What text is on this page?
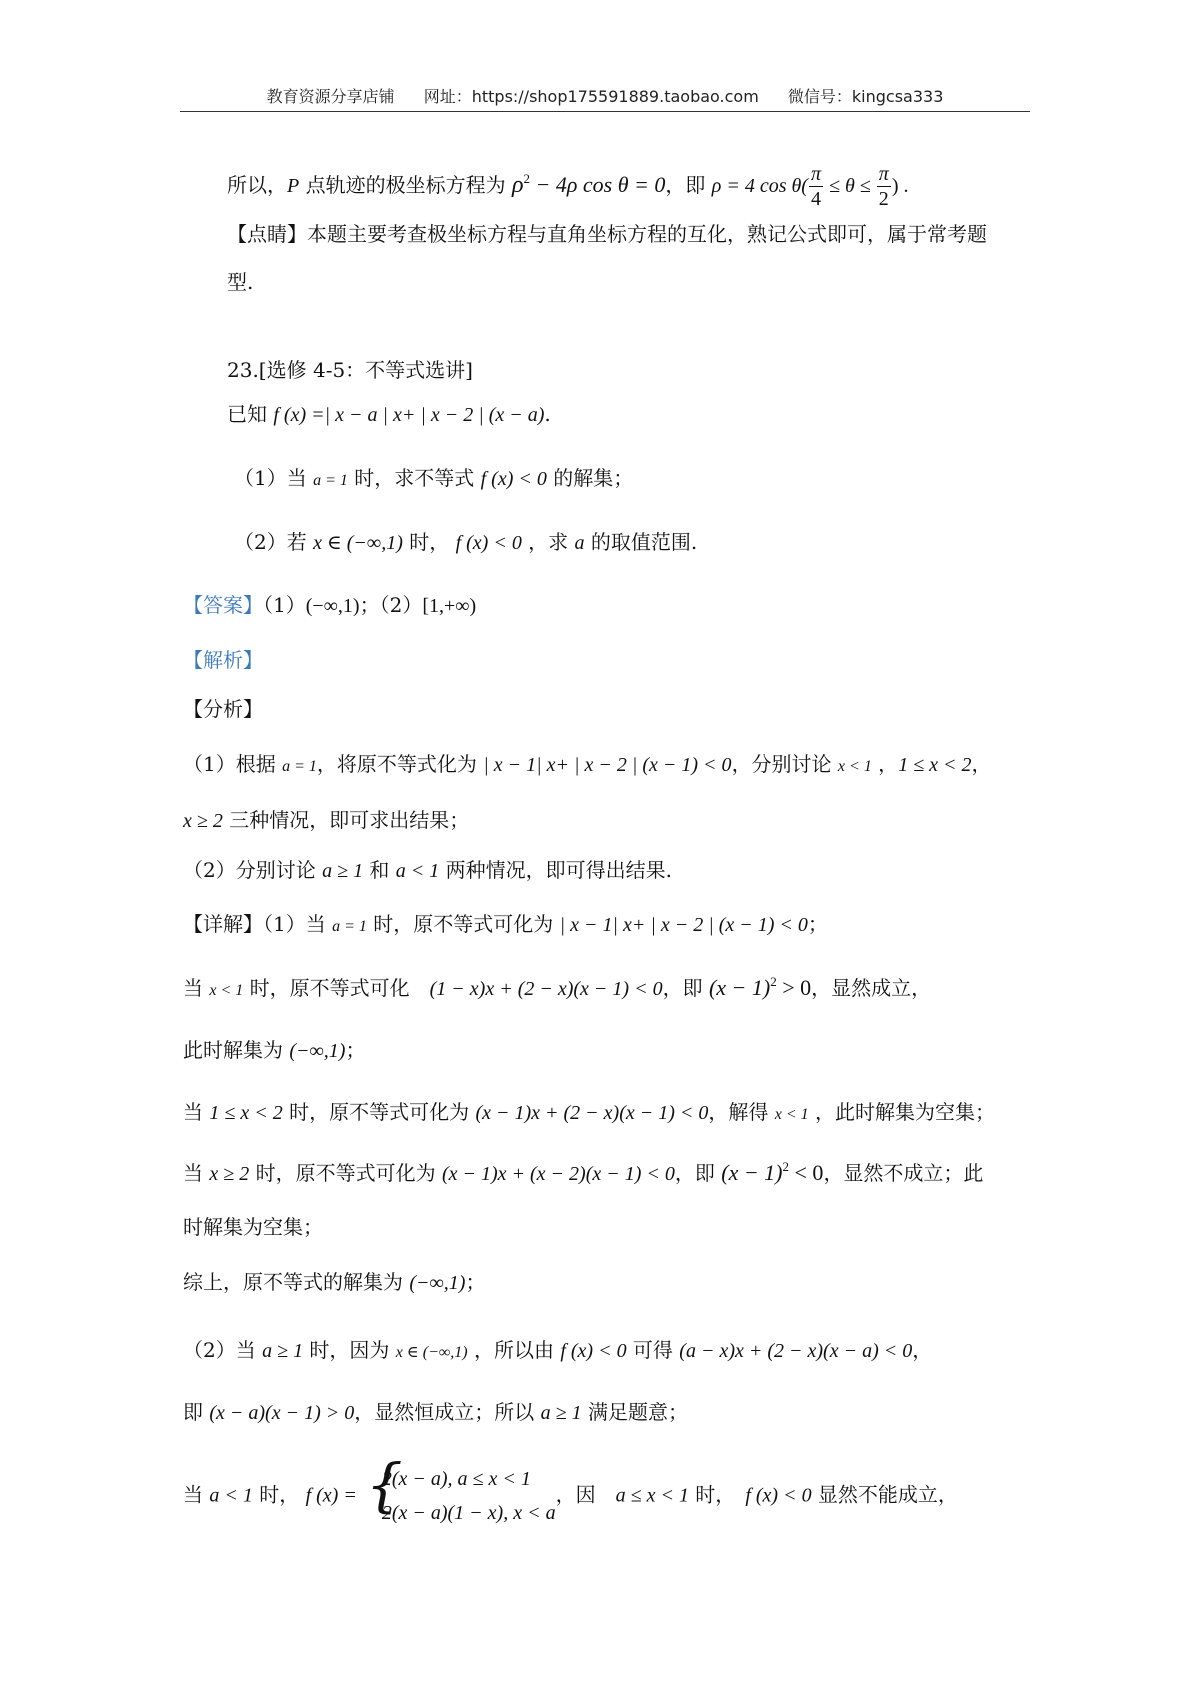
教育资源分享店铺 网址：https://shop175591889.taobao.com 微信号：kingcsa333
所以，P 点轨迹的极坐标方程为 $\rho^2 - 4\rho$ cos θ = 0，即 ρ = 4 $\cos \theta( \frac{\pi}{4} \le \theta \le \frac{\pi}{2}$ ) .
【点睛】本题主要考查极坐标方程与直角坐标方程的互化，熟记公式即可，属于常考题
型.
23.[选修 4-5：不等式选讲]
已知 f (x) =| x − a | x+ | x − 2 | (x − a).
（1）当 a = 1 时，求不等式 f (x) < 0 的解集；
（2）若 x ∈ (−∞,1) 时， f (x) < 0 ，求 a 的取值范围.
【答案】（1）(−∞,1)；（2）[1,+∞)
【解析】
【分析】
（1）根据 a = 1，将原不等式化为 | x − 1| x+ | x − 2 | (x − 1) < 0，分别讨论 x < 1 ，1 ≤ x < 2，
x ≥ 2 三种情况，即可求出结果；
（2）分别讨论 a ≥ 1 和 a < 1 两种情况，即可得出结果.
【详解】（1）当 a = 1 时，原不等式可化为 | x − 1| x+ | x − 2 | (x − 1) < 0；
当 x < 1 时，原不等式可化　(1 − x)x + (2 − x)(x − 1) < 0，即 $(x - 1)^2 > 0$，显然成立，
此时解集为 (−∞,1)；
当 1 ≤ x < 2 时，原不等式可化为 (x − 1)x + (2 − x)(x − 1) < 0，解得 x < 1 ，此时解集为空集；
当 x ≥ 2 时，原不等式可化为 (x − 1)x + (x − 2)(x − 1) < 0，即 $(x - 1)^2 < 0$，显然不成立；此
时解集为空集；
综上，原不等式的解集为 (−∞,1)；
（2）当 a ≥ 1 时，因为 x ∈ (−∞,1) ，所以由 f (x) < 0 可得 (a − x)x + (2 − x)(x − a) < 0，
即 (x − a)(x − 1) > 0，显然恒成立；所以 a ≥ 1 满足题意；
当 a < 1 时， f (x) = {
2(x − a), a ≤ x < 1
2(x − a)(1 − x), x < a
，因　a ≤ x < 1 时，　f (x) < 0 显然不能成立，
